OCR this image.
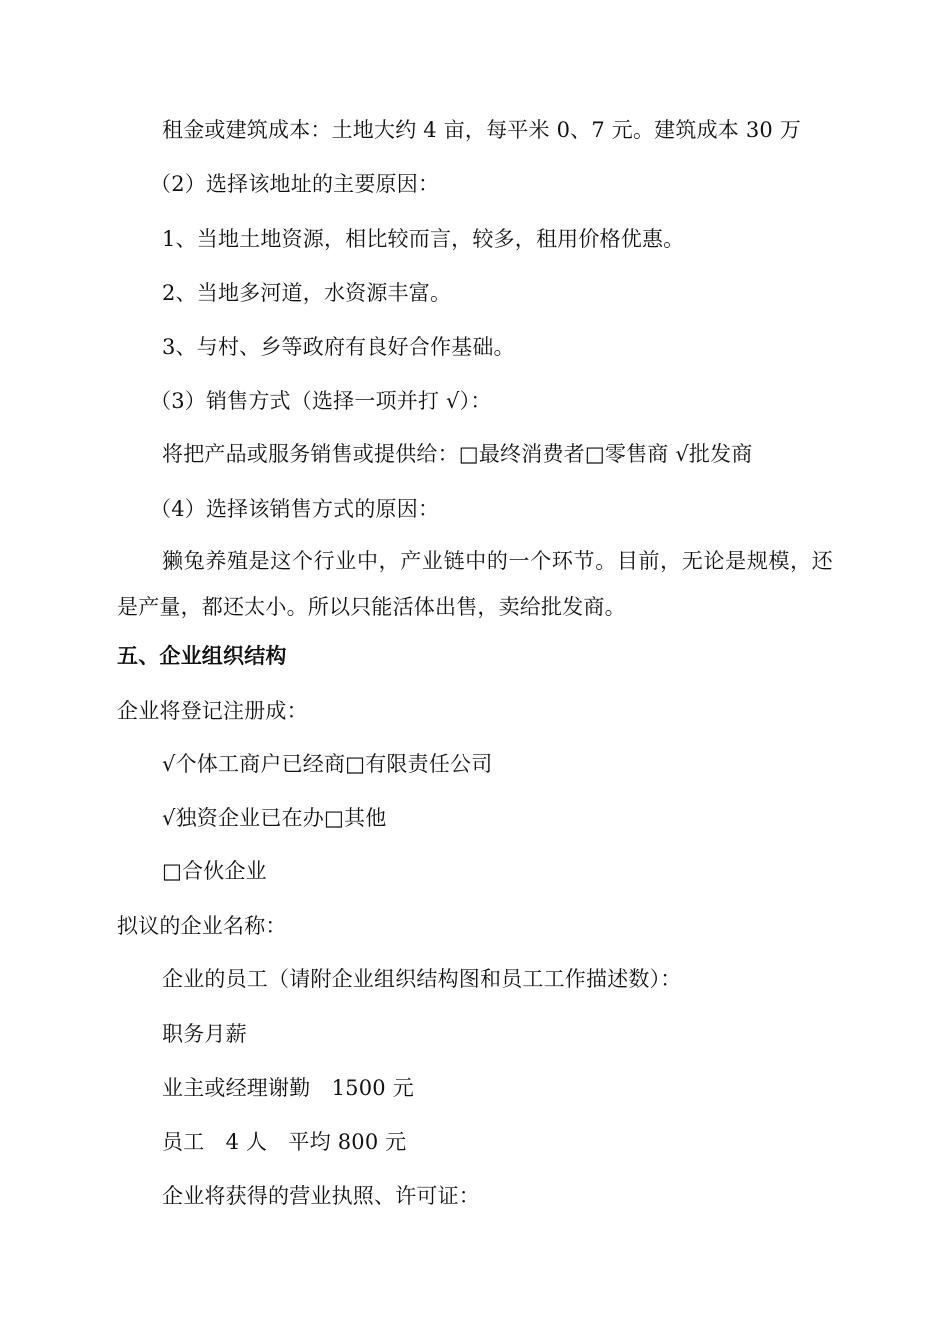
租金或建筑成本：土地大约 4 亩，每平米 0、7 元。建筑成本 30 万
（2）选择该地址的主要原因：
1、当地土地资源，相比较而言，较多，租用价格优惠。
2、当地多河道，水资源丰富。
3、与村、乡等政府有良好合作基础。
（3）销售方式（选择一项并打 √）：
将把产品或服务销售或提供给：□最终消费者□零售商 √批发商
（4）选择该销售方式的原因：
獭兔养殖是这个行业中，产业链中的一个环节。目前，无论是规模，还是产量，都还太小。所以只能活体出售，卖给批发商。
五、企业组织结构
企业将登记注册成：
√个体工商户已经商□有限责任公司
√独资企业已在办□其他
□合伙企业
拟议的企业名称：
企业的员工（请附企业组织结构图和员工工作描述数）：
职务月薪
业主或经理谢勤　1500 元
员工　4 人　平均 800 元
企业将获得的营业执照、许可证：
